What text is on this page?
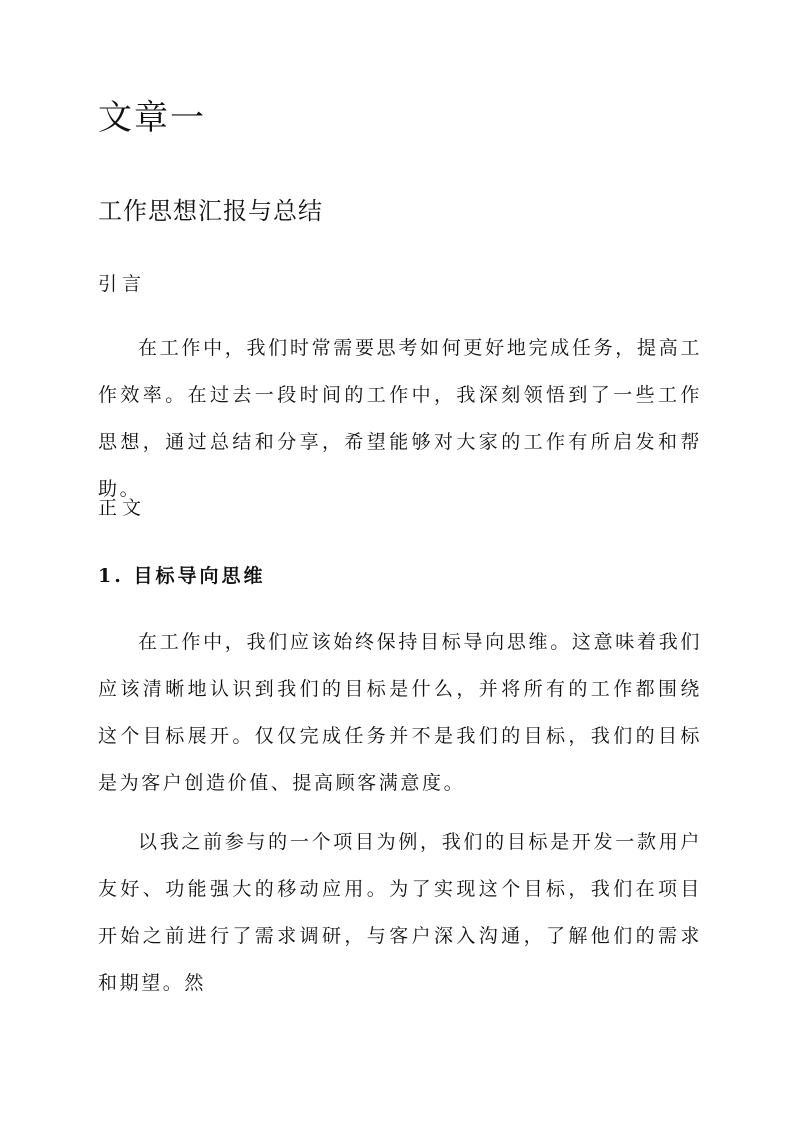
文章一
工作思想汇报与总结
引言

在工作中，我们时常需要思考如何更好地完成任务，提高工作效率。在过去一段时间的工作中，我深刻领悟到了一些工作思想，通过总结和分享，希望能够对大家的工作有所启发和帮助。

正文
1. 目标导向思维

在工作中，我们应该始终保持目标导向思维。这意味着我们应该清晰地认识到我们的目标是什么，并将所有的工作都围绕这个目标展开。仅仅完成任务并不是我们的目标，我们的目标是为客户创造价值、提高顾客满意度。

以我之前参与的一个项目为例，我们的目标是开发一款用户友好、功能强大的移动应用。为了实现这个目标，我们在项目开始之前进行了需求调研，与客户深入沟通，了解他们的需求和期望。然
